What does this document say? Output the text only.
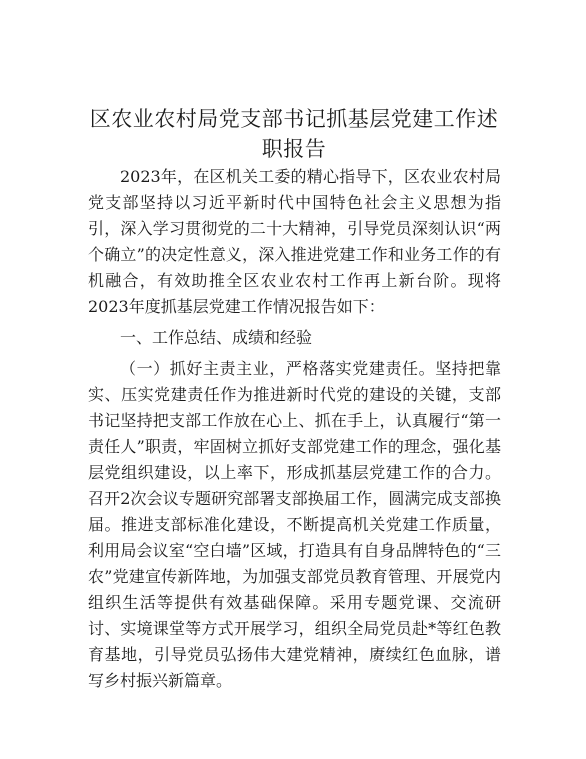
区农业农村局党支部书记抓基层党建工作述职报告

2023年，在区机关工委的精心指导下，区农业农村局党支部坚持以习近平新时代中国特色社会主义思想为指引，深入学习贯彻党的二十大精神，引导党员深刻认识“两个确立”的决定性意义，深入推进党建工作和业务工作的有机融合，有效助推全区农业农村工作再上新台阶。现将2023年度抓基层党建工作情况报告如下：

一、工作总结、成绩和经验

（一）抓好主责主业，严格落实党建责任。坚持把靠实、压实党建责任作为推进新时代党的建设的关键，支部书记坚持把支部工作放在心上、抓在手上，认真履行“第一责任人”职责，牢固树立抓好支部党建工作的理念，强化基层党组织建设，以上率下，形成抓基层党建工作的合力。召开2次会议专题研究部署支部换届工作，圆满完成支部换届。推进支部标准化建设，不断提高机关党建工作质量，利用局会议室“空白墙”区域，打造具有自身品牌特色的“三农”党建宣传新阵地，为加强支部党员教育管理、开展党内组织生活等提供有效基础保障。采用专题党课、交流研讨、实境课堂等方式开展学习，组织全局党员赴*等红色教育基地，引导党员弘扬伟大建党精神，赓续红色血脉，谱写乡村振兴新篇章。
